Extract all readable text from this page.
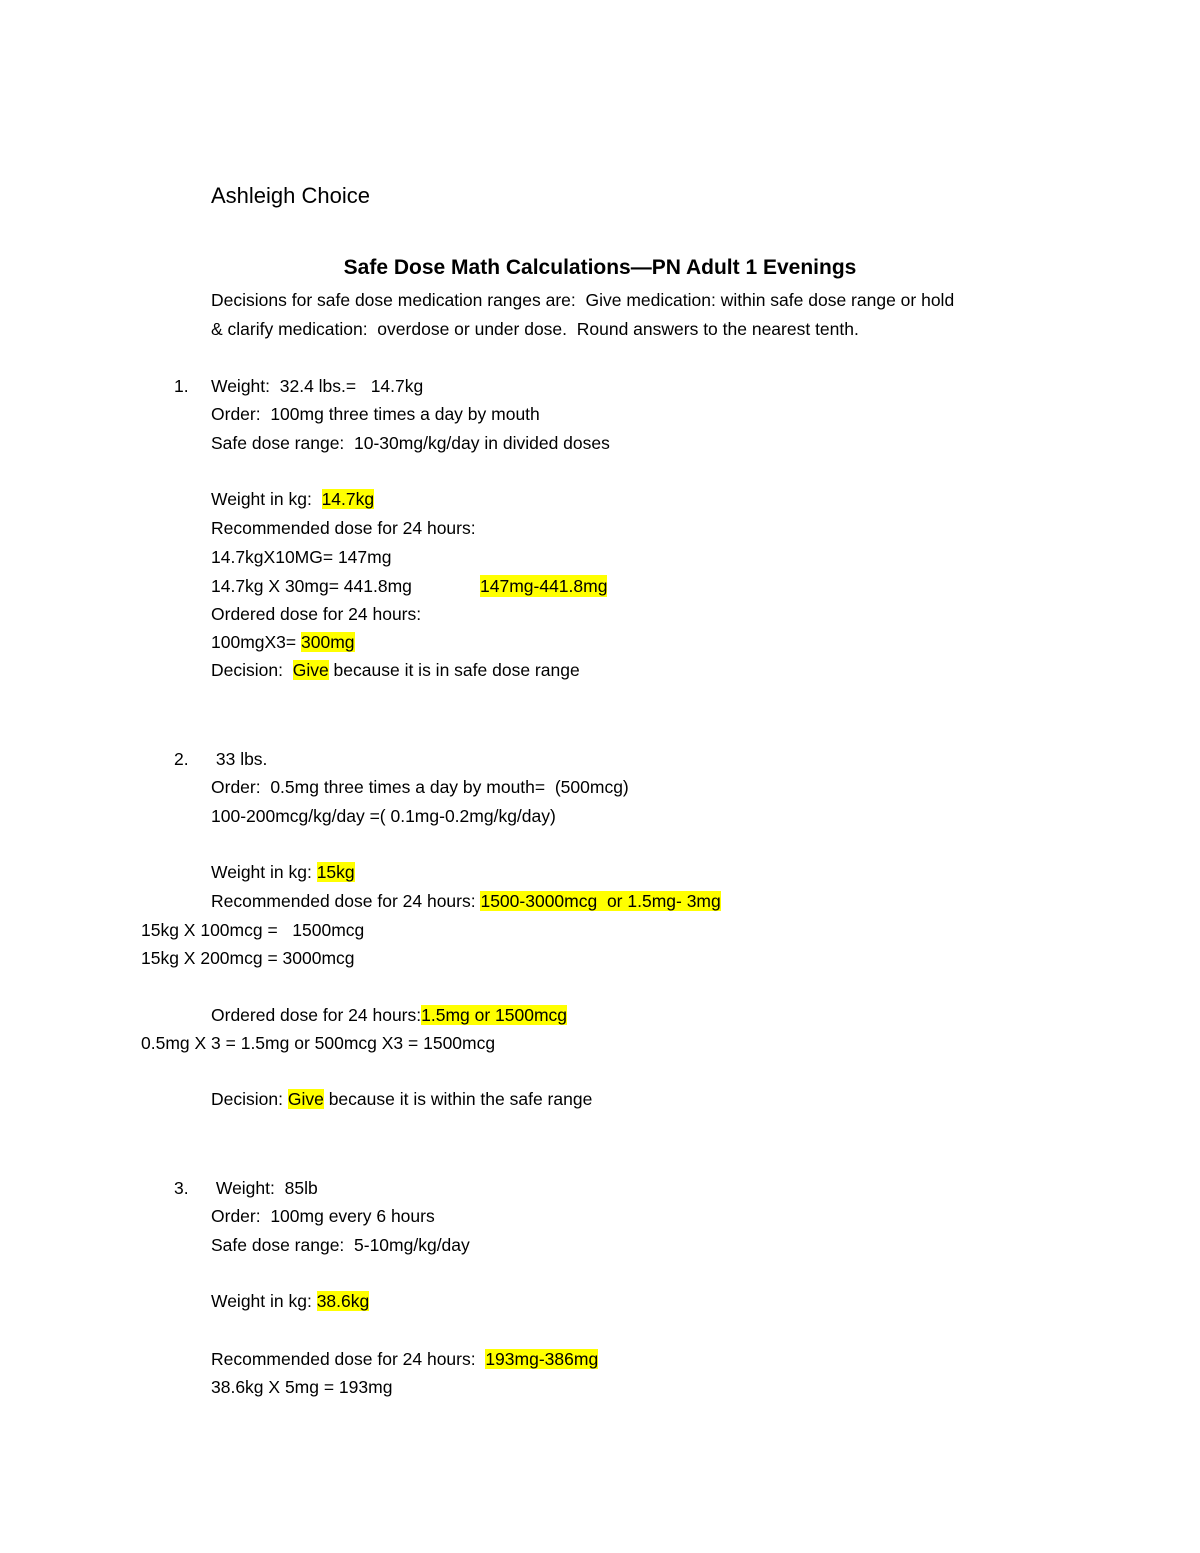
Ashleigh Choice
Safe Dose Math Calculations—PN Adult 1 Evenings
Decisions for safe dose medication ranges are:  Give medication: within safe dose range or hold
& clarify medication:  overdose or under dose.  Round answers to the nearest tenth.
1. Weight:  32.4 lbs.=   14.7kg
Order:  100mg three times a day by mouth
Safe dose range:  10-30mg/kg/day in divided doses
Weight in kg:  14.7kg
Recommended dose for 24 hours:
14.7kgX10MG= 147mg
14.7kg X 30mg= 441.8mg	147mg-441.8mg
Ordered dose for 24 hours:
100mgX3= 300mg
Decision:  Give because it is in safe dose range
2. 33 lbs.
Order:  0.5mg three times a day by mouth=  (500mcg)
100-200mcg/kg/day =( 0.1mg-0.2mg/kg/day)
Weight in kg: 15kg
Recommended dose for 24 hours: 1500-3000mcg  or 1.5mg- 3mg
15kg X 100mcg =   1500mcg
15kg X 200mcg = 3000mcg
Ordered dose for 24 hours:1.5mg or 1500mcg
0.5mg X 3 = 1.5mg or 500mcg X3 = 1500mcg
Decision: Give because it is within the safe range
3. Weight:  85lb
Order:  100mg every 6 hours
Safe dose range:  5-10mg/kg/day
Weight in kg: 38.6kg
Recommended dose for 24 hours:  193mg-386mg
38.6kg X 5mg = 193mg
